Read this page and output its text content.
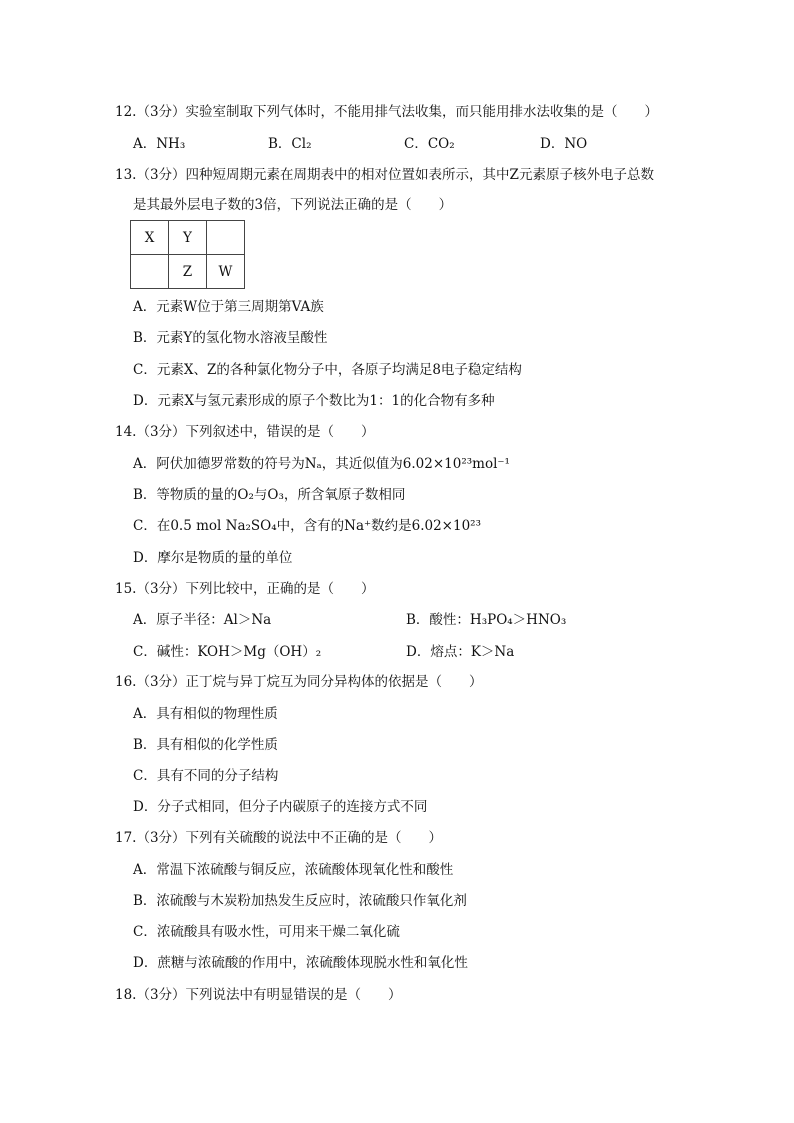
12.（3分）实验室制取下列气体时，不能用排气法收集，而只能用排水法收集的是（　　）
A．NH₃	B．Cl₂	C．CO₂	D．NO
13.（3分）四种短周期元素在周期表中的相对位置如表所示，其中Z元素原子核外电子总数
是其最外层电子数的3倍，下列说法正确的是（　　）
X	Y	
	Z	W
A．元素W位于第三周期第VA族
B．元素Y的氢化物水溶液呈酸性
C．元素X、Z的各种氯化物分子中，各原子均满足8电子稳定结构
D．元素X与氢元素形成的原子个数比为1：1的化合物有多种
14.（3分）下列叙述中，错误的是（　　）
A．阿伏加德罗常数的符号为Nₐ，其近似值为6.02×10²³mol⁻¹
B．等物质的量的O₂与O₃，所含氧原子数相同
C．在0.5 mol Na₂SO₄中，含有的Na⁺数约是6.02×10²³
D．摩尔是物质的量的单位
15.（3分）下列比较中，正确的是（　　）
A．原子半径：Al＞Na	B．酸性：H₃PO₄＞HNO₃
C．碱性：KOH＞Mg（OH）₂	D．熔点：K＞Na
16.（3分）正丁烷与异丁烷互为同分异构体的依据是（　　）
A．具有相似的物理性质
B．具有相似的化学性质
C．具有不同的分子结构
D．分子式相同，但分子内碳原子的连接方式不同
17.（3分）下列有关硫酸的说法中不正确的是（　　）
A．常温下浓硫酸与铜反应，浓硫酸体现氧化性和酸性
B．浓硫酸与木炭粉加热发生反应时，浓硫酸只作氧化剂
C．浓硫酸具有吸水性，可用来干燥二氧化硫
D．蔗糖与浓硫酸的作用中，浓硫酸体现脱水性和氧化性
18.（3分）下列说法中有明显错误的是（　　）
